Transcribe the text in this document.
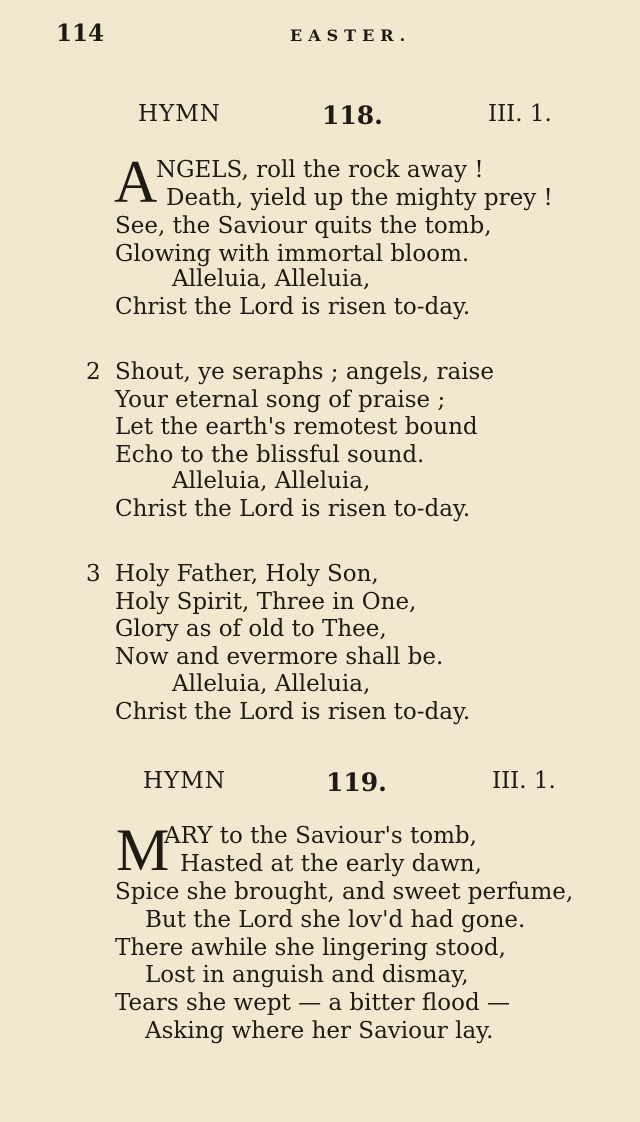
114	EASTER.
HYMN	118.	III. 1.
A
NGELS, roll the rock away !
Death, yield up the mighty prey !
See, the Saviour quits the tomb,
Glowing with immortal bloom.
Alleluia, Alleluia,
Christ the Lord is risen to-day.
2 Shout, ye seraphs ; angels, raise
Your eternal song of praise ;
Let the earth's remotest bound
Echo to the blissful sound.
Alleluia, Alleluia,
Christ the Lord is risen to-day.
3 Holy Father, Holy Son,
Holy Spirit, Three in One,
Glory as of old to Thee,
Now and evermore shall be.
Alleluia, Alleluia,
Christ the Lord is risen to-day.
HYMN	119.	III. 1.
M
ARY to the Saviour's tomb,
Hasted at the early dawn,
Spice she brought, and sweet perfume,
But the Lord she lov'd had gone.
There awhile she lingering stood,
Lost in anguish and dismay,
Tears she wept — a bitter flood —
Asking where her Saviour lay.
